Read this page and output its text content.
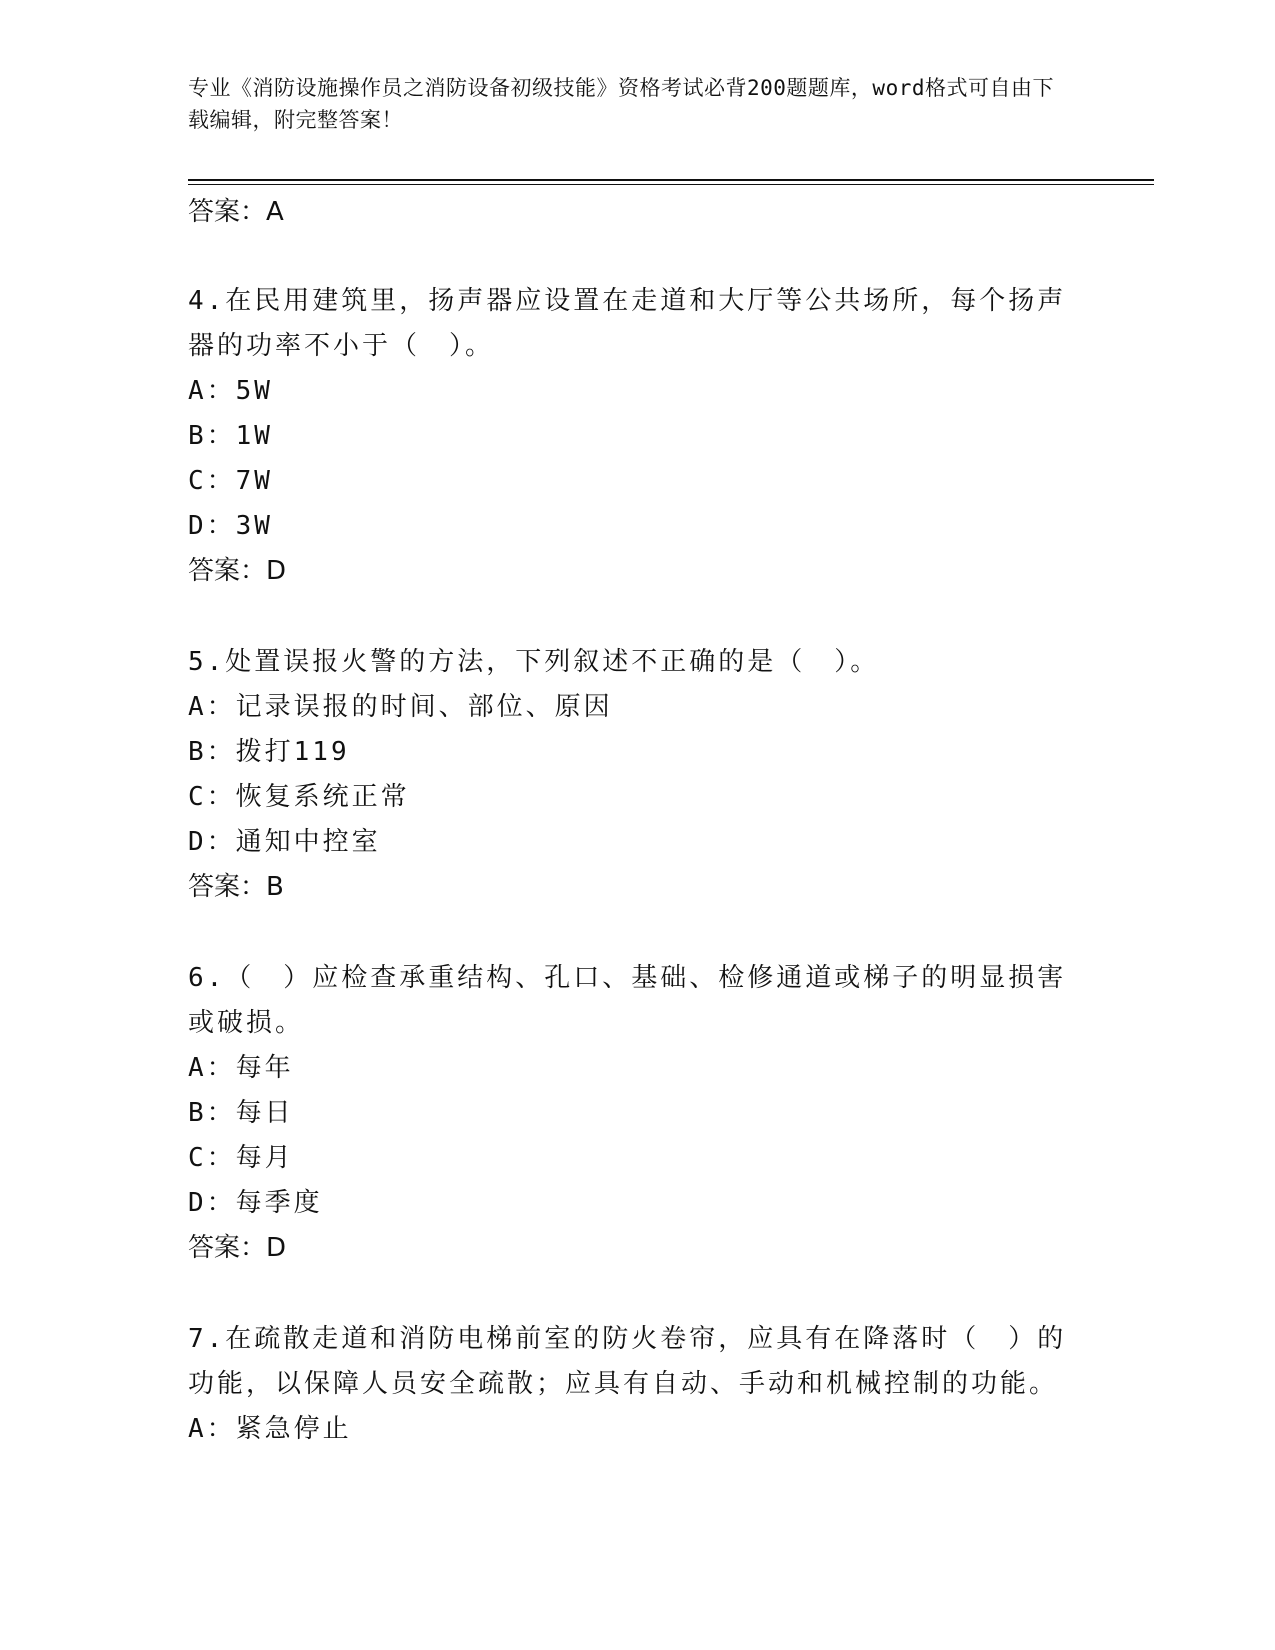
专业《消防设施操作员之消防设备初级技能》资格考试必背200题题库，word格式可自由下载编辑，附完整答案！
答案：A
4.在民用建筑里，扬声器应设置在走道和大厅等公共场所，每个扬声器的功率不小于（　）。
A：5W
B：1W
C：7W
D：3W
答案：D
5.处置误报火警的方法，下列叙述不正确的是（　）。
A：记录误报的时间、部位、原因
B：拨打119
C：恢复系统正常
D：通知中控室
答案：B
6.（　）应检查承重结构、孔口、基础、检修通道或梯子的明显损害或破损。
A：每年
B：每日
C：每月
D：每季度
答案：D
7.在疏散走道和消防电梯前室的防火卷帘，应具有在降落时（　）的功能，以保障人员安全疏散；应具有自动、手动和机械控制的功能。
A：紧急停止
